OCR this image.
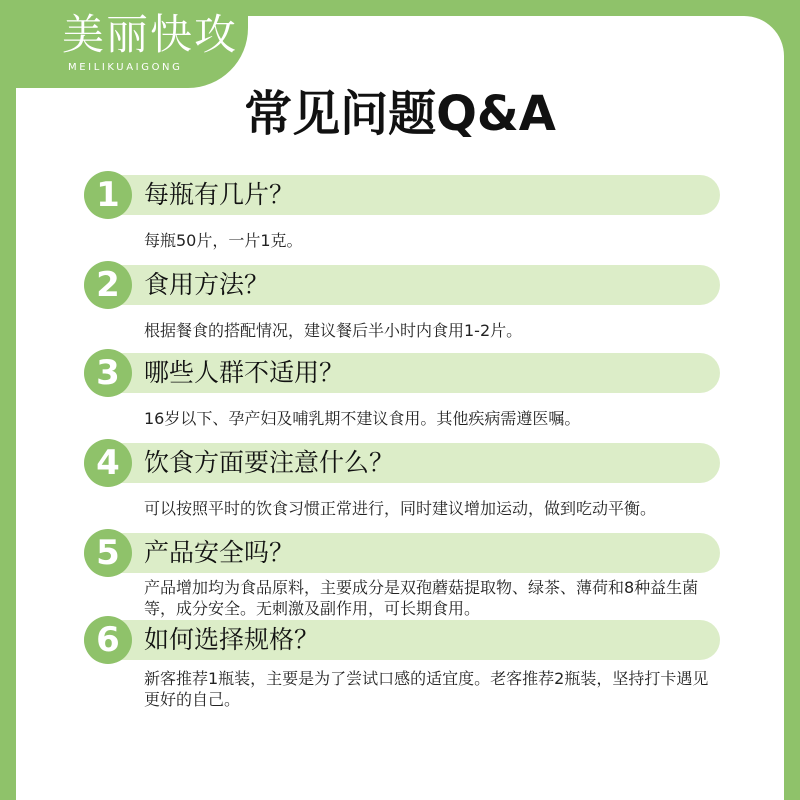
美丽快攻
MEILIKUAIGONG
常见问题Q&A
1 每瓶有几片？
每瓶50片，一片1克。
2 食用方法？
根据餐食的搭配情况，建议餐后半小时内食用1-2片。
3 哪些人群不适用？
16岁以下、孕产妇及哺乳期不建议食用。其他疾病需遵医嘱。
4 饮食方面要注意什么？
可以按照平时的饮食习惯正常进行，同时建议增加运动，做到吃动平衡。
5 产品安全吗？
产品增加均为食品原料，主要成分是双孢蘑菇提取物、绿茶、薄荷和8种益生菌等，成分安全。无刺激及副作用，可长期食用。
6 如何选择规格？
新客推荐1瓶装，主要是为了尝试口感的适宜度。老客推荐2瓶装，坚持打卡遇见更好的自己。
